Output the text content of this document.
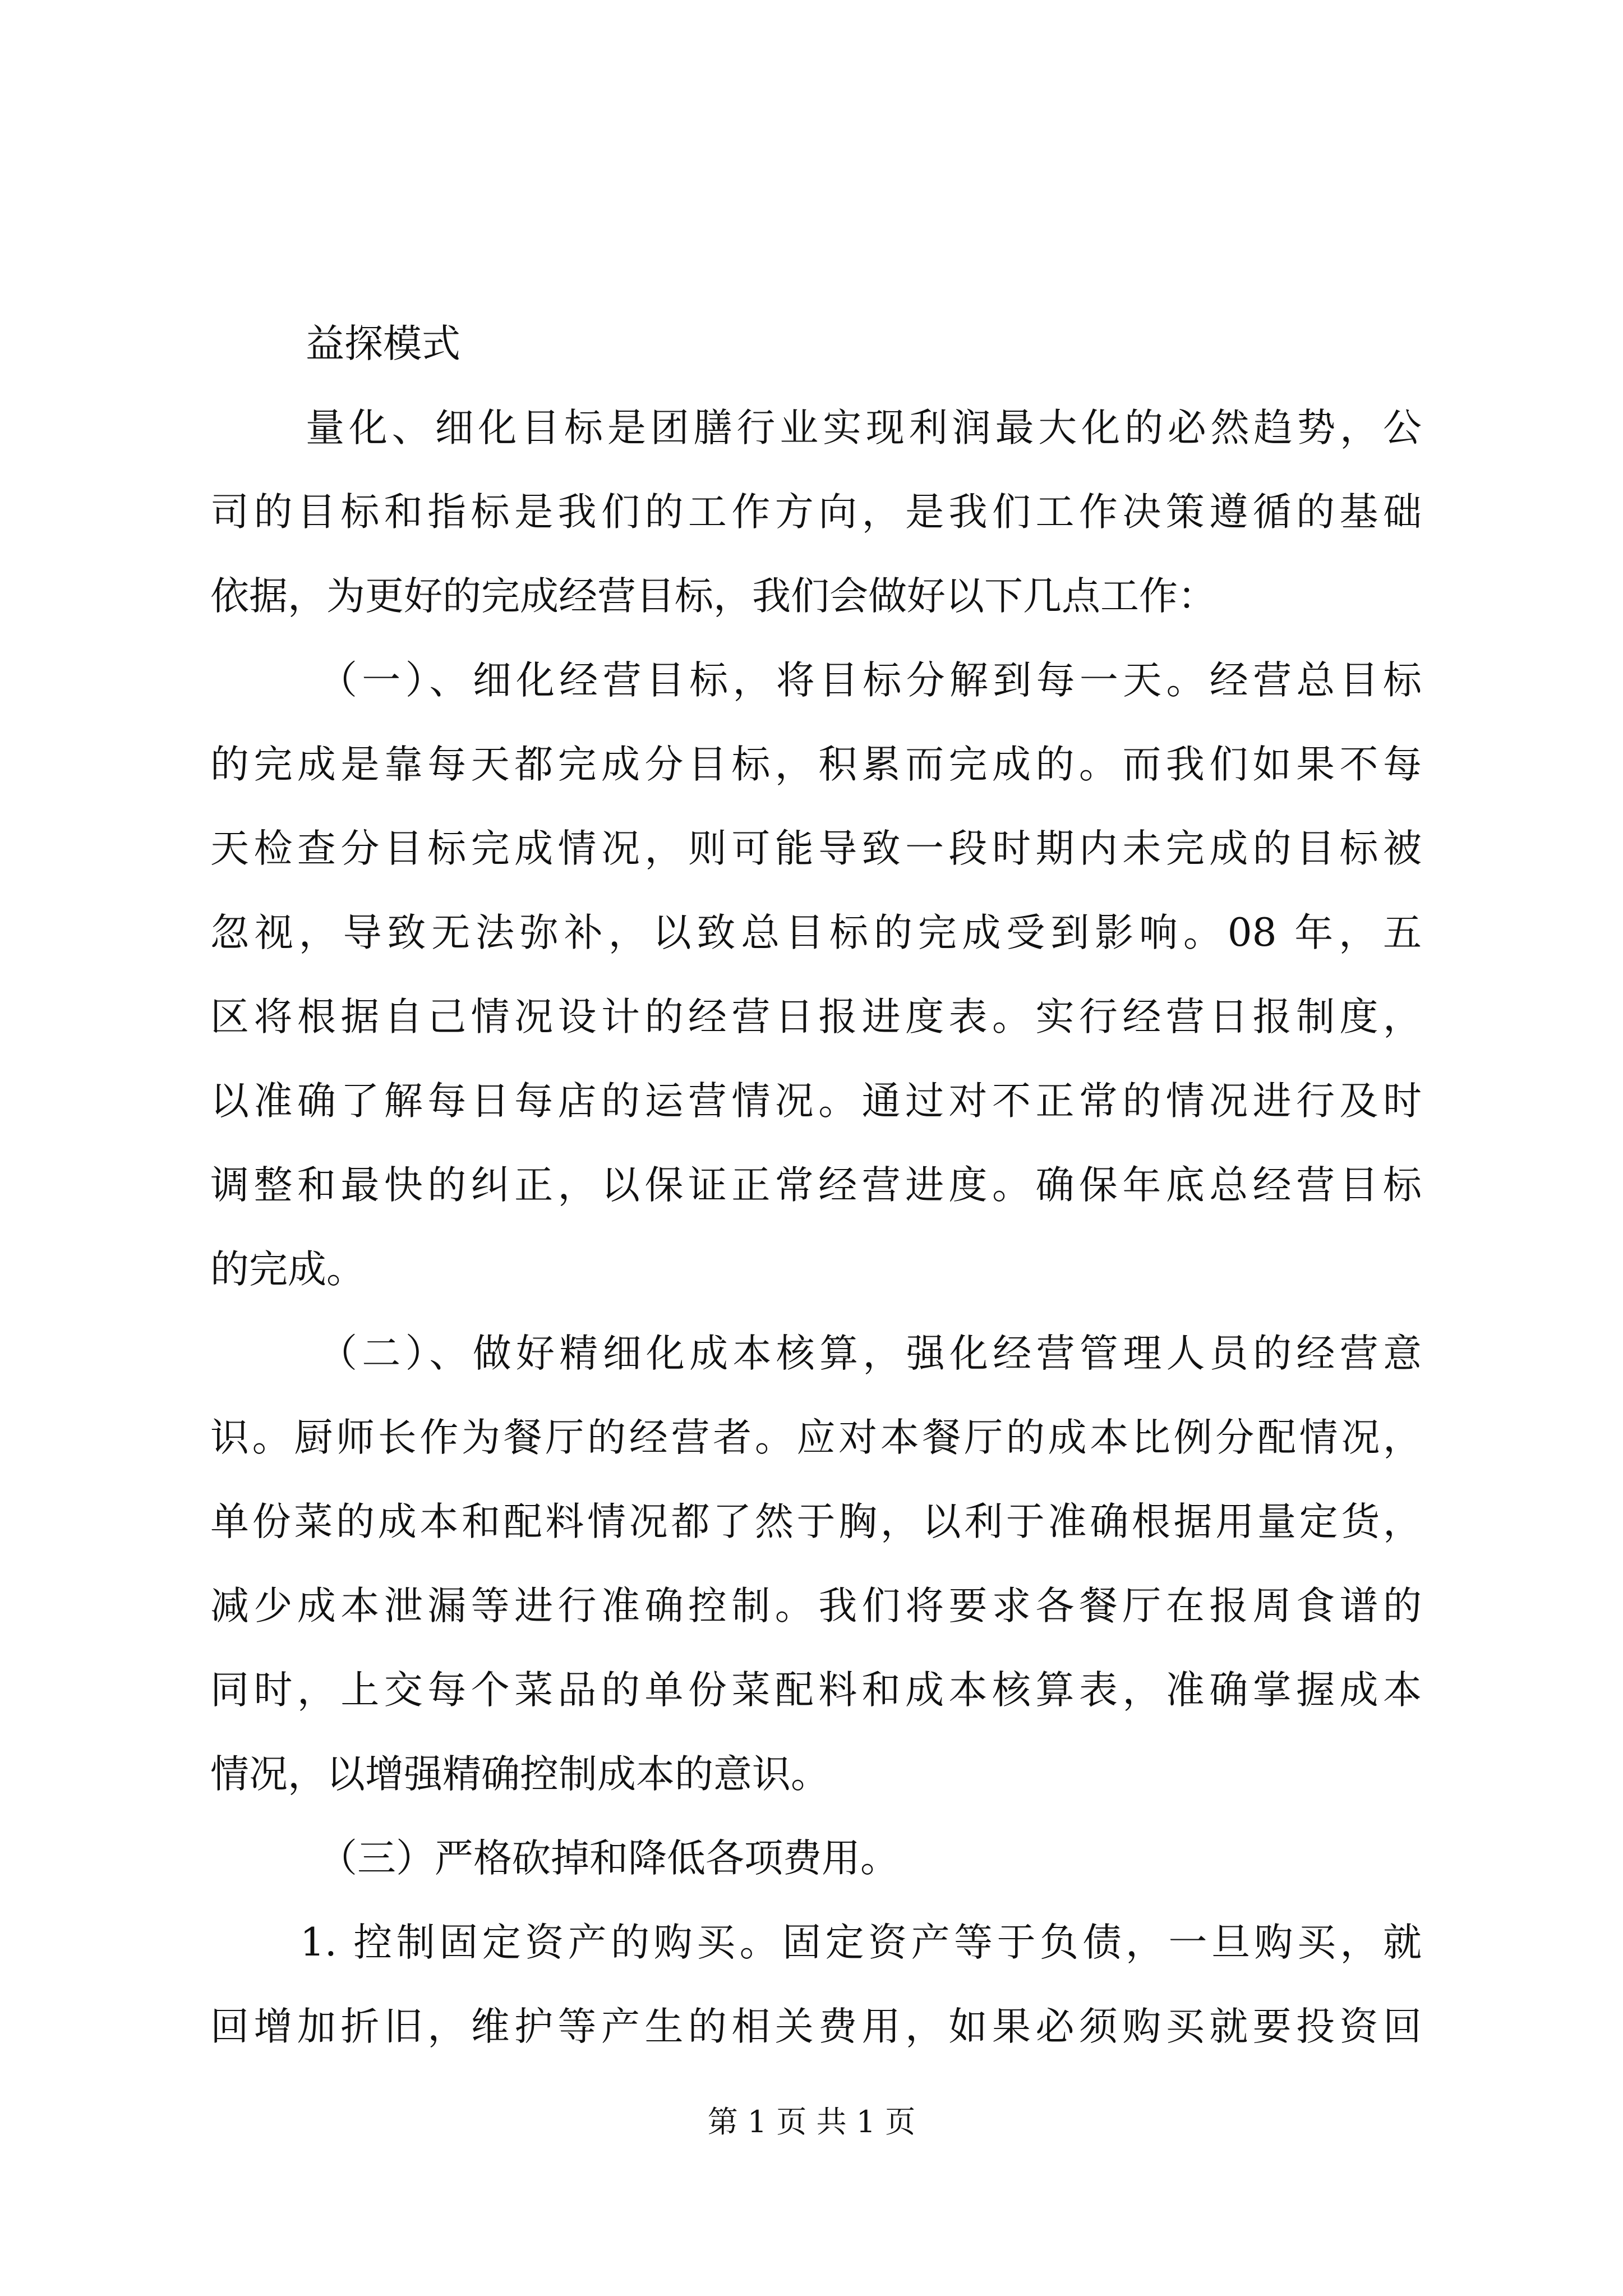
益探模式
量化、细化目标是团膳行业实现利润最大化的必然趋势，公
司的目标和指标是我们的工作方向，是我们工作决策遵循的基础
依据，为更好的完成经营目标，我们会做好以下几点工作：
（一）、细化经营目标，将目标分解到每一天。经营总目标
的完成是靠每天都完成分目标，积累而完成的。而我们如果不每
天检查分目标完成情况，则可能导致一段时期内未完成的目标被
忽视，导致无法弥补，以致总目标的完成受到影响。08 年，五
区将根据自己情况设计的经营日报进度表。实行经营日报制度，
以准确了解每日每店的运营情况。通过对不正常的情况进行及时
调整和最快的纠正，以保证正常经营进度。确保年底总经营目标
的完成。
（二）、做好精细化成本核算，强化经营管理人员的经营意
识。厨师长作为餐厅的经营者。应对本餐厅的成本比例分配情况，
单份菜的成本和配料情况都了然于胸，以利于准确根据用量定货，
减少成本泄漏等进行准确控制。我们将要求各餐厅在报周食谱的
同时，上交每个菜品的单份菜配料和成本核算表，准确掌握成本
情况，以增强精确控制成本的意识。
（三）严格砍掉和降低各项费用。
1. 控制固定资产的购买。固定资产等于负债，一旦购买，就
回增加折旧，维护等产生的相关费用，如果必须购买就要投资回
第 1 页 共 1 页
